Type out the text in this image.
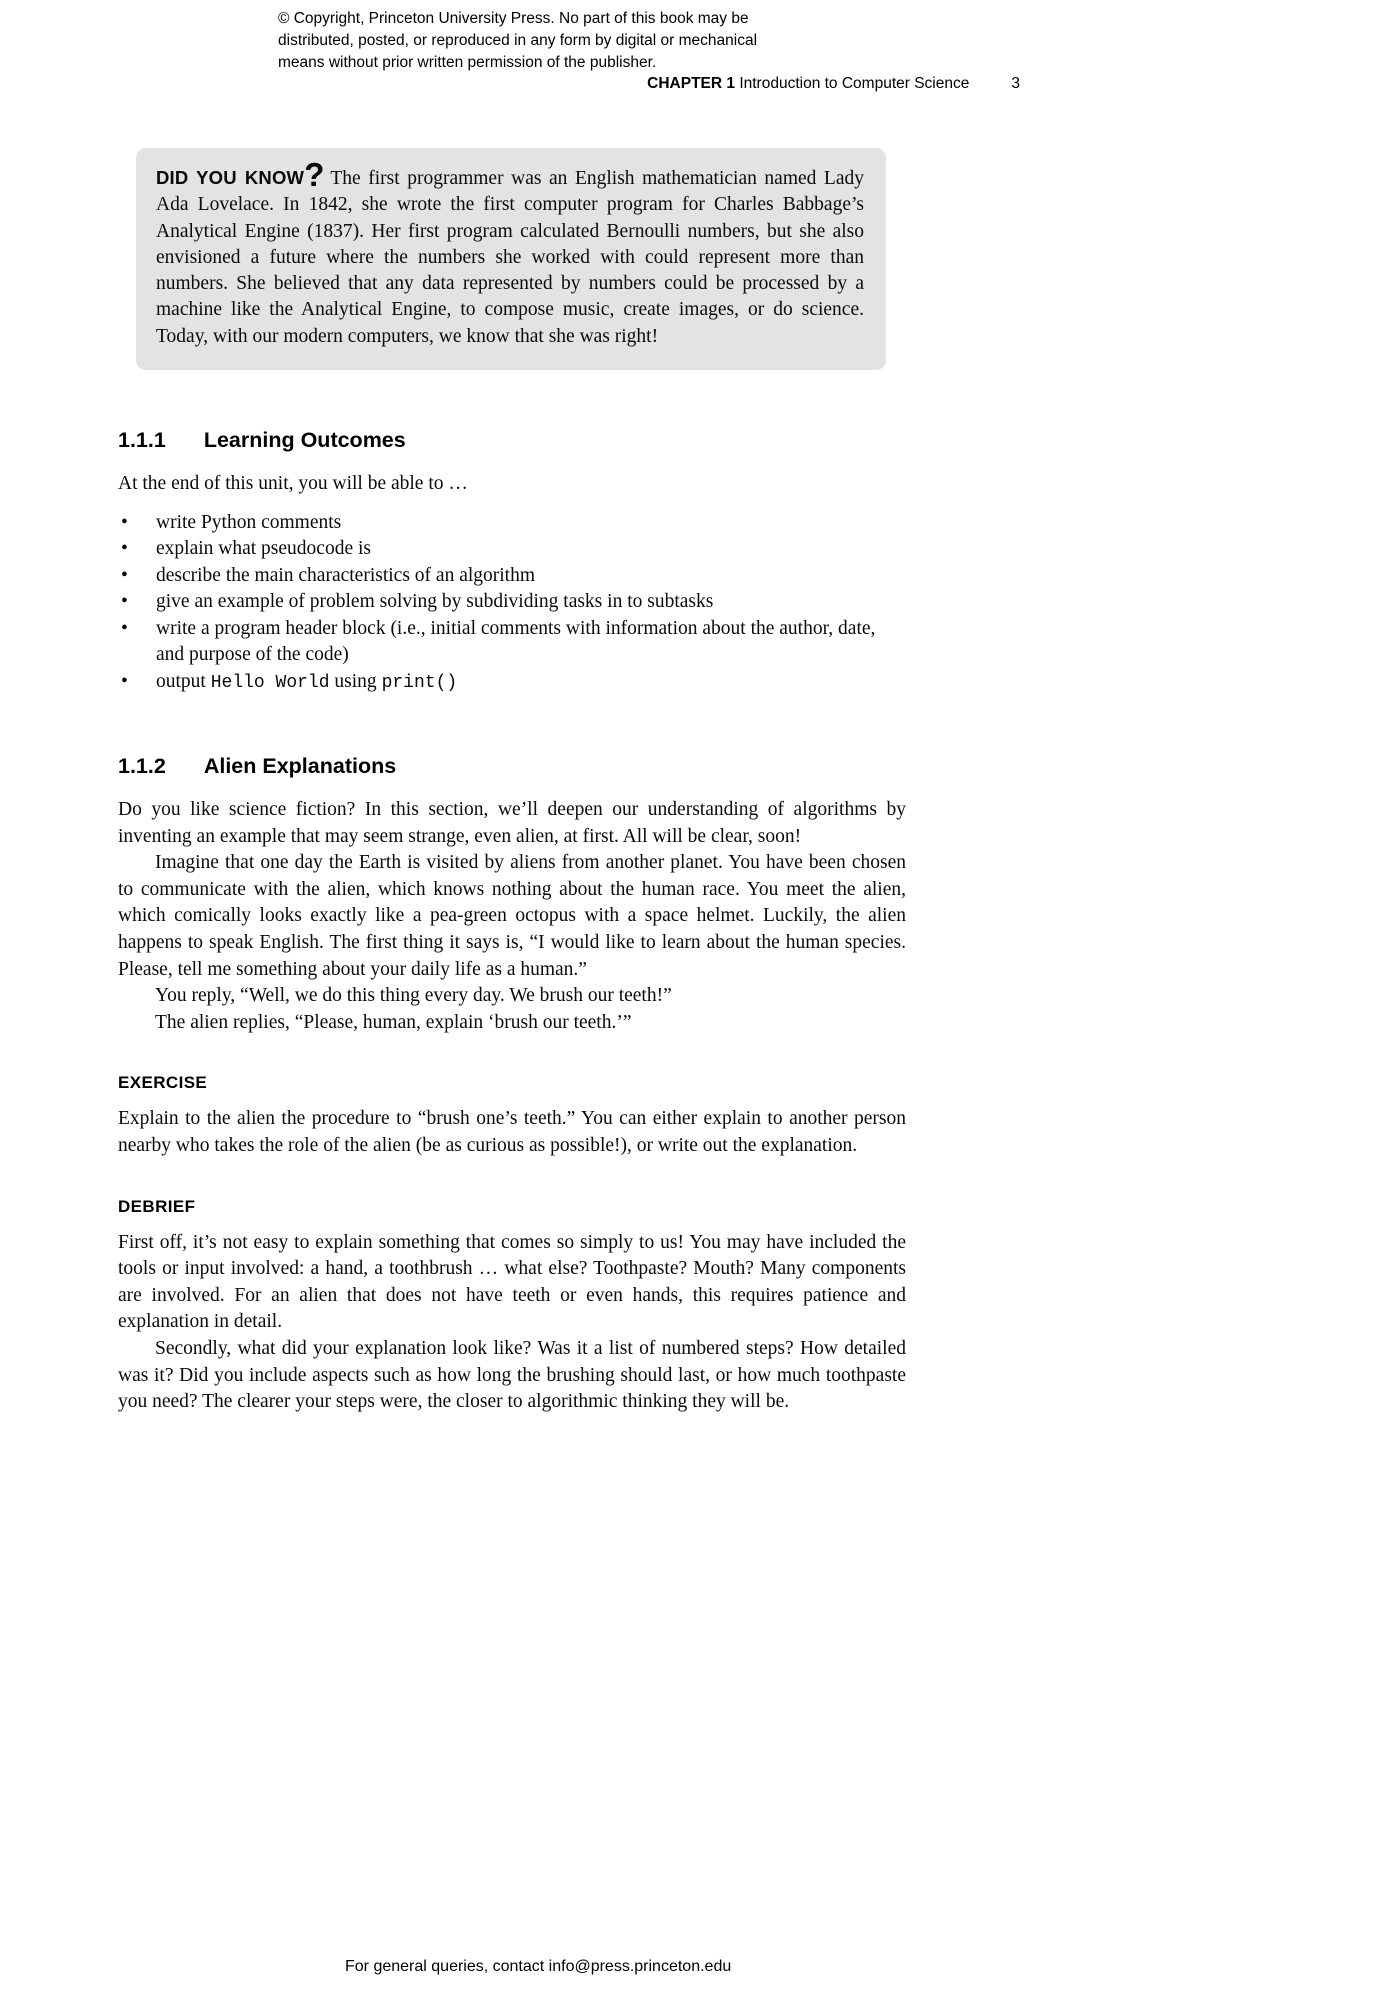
© Copyright, Princeton University Press. No part of this book may be
distributed, posted, or reproduced in any form by digital or mechanical
means without prior written permission of the publisher.
CHAPTER 1 Introduction to Computer Science	3
DID YOU KNOW? The first programmer was an English mathematician named Lady Ada Lovelace. In 1842, she wrote the first computer program for Charles Babbage’s Analytical Engine (1837). Her first program calculated Bernoulli numbers, but she also envisioned a future where the numbers she worked with could represent more than numbers. She believed that any data represented by numbers could be processed by a machine like the Analytical Engine, to compose music, create images, or do science. Today, with our modern computers, we know that she was right!
1.1.1 Learning Outcomes

At the end of this unit, you will be able to …

• write Python comments
• explain what pseudocode is
• describe the main characteristics of an algorithm
• give an example of problem solving by subdividing tasks in to subtasks
• write a program header block (i.e., initial comments with information about the author, date, and purpose of the code)
• output Hello World using print()
1.1.2 Alien Explanations

Do you like science fiction? In this section, we’ll deepen our understanding of algorithms by inventing an example that may seem strange, even alien, at first. All will be clear, soon!

Imagine that one day the Earth is visited by aliens from another planet. You have been chosen to communicate with the alien, which knows nothing about the human race. You meet the alien, which comically looks exactly like a pea-green octopus with a space helmet. Luckily, the alien happens to speak English. The first thing it says is, “I would like to learn about the human species. Please, tell me something about your daily life as a human.”

You reply, “Well, we do this thing every day. We brush our teeth!”

The alien replies, “Please, human, explain ‘brush our teeth.’”

EXERCISE

Explain to the alien the procedure to “brush one’s teeth.” You can either explain to another person nearby who takes the role of the alien (be as curious as possible!), or write out the explanation.

DEBRIEF

First off, it’s not easy to explain something that comes so simply to us! You may have included the tools or input involved: a hand, a toothbrush … what else? Toothpaste? Mouth? Many components are involved. For an alien that does not have teeth or even hands, this requires patience and explanation in detail.

Secondly, what did your explanation look like? Was it a list of numbered steps? How detailed was it? Did you include aspects such as how long the brushing should last, or how much toothpaste you need? The clearer your steps were, the closer to algorithmic thinking they will be.

For general queries, contact info@press.princeton.edu
